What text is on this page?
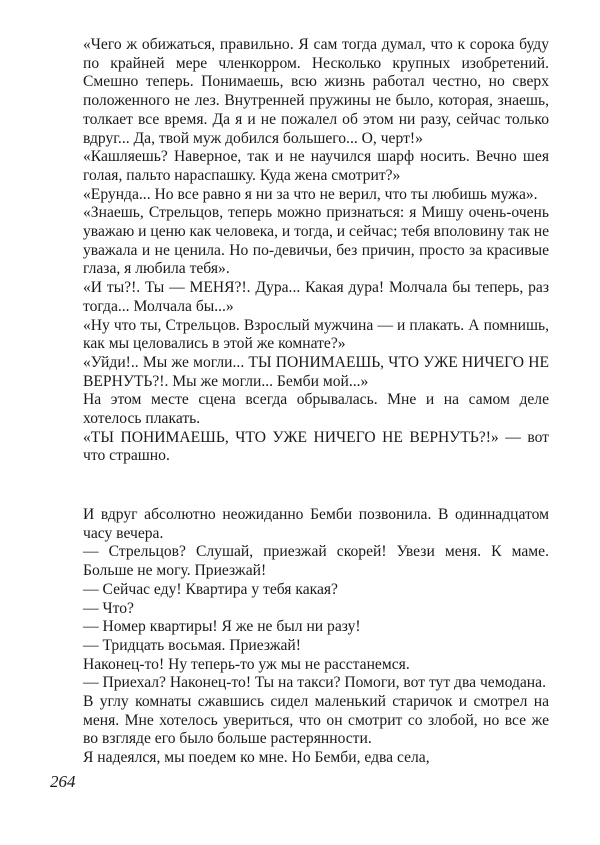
«Чего ж обижаться, правильно. Я сам тогда думал, что к сорока буду по крайней мере членкорром. Несколько крупных изобретений. Смешно теперь. Понимаешь, всю жизнь работал честно, но сверх положенного не лез. Внутренней пружины не было, которая, знаешь, толкает все время. Да я и не пожалел об этом ни разу, сейчас только вдруг... Да, твой муж добился большего... О, черт!»

«Кашляешь? Наверное, так и не научился шарф носить. Вечно шея голая, пальто нараспашку. Куда жена смотрит?»

«Ерунда... Но все равно я ни за что не верил, что ты любишь мужа».

«Знаешь, Стрельцов, теперь можно признаться: я Мишу очень-очень уважаю и ценю как человека, и тогда, и сейчас; тебя вполовину так не уважала и не ценила. Но по-девичьи, без причин, просто за красивые глаза, я любила тебя».

«И ты?!. Ты — МЕНЯ?!. Дура... Какая дура! Молчала бы теперь, раз тогда... Молчала бы...»

«Ну что ты, Стрельцов. Взрослый мужчина — и плакать. А помнишь, как мы целовались в этой же комнате?»

«Уйди!.. Мы же могли... ТЫ ПОНИМАЕШЬ, ЧТО УЖЕ НИЧЕГО НЕ ВЕРНУТЬ?!. Мы же могли... Бемби мой...»

На этом месте сцена всегда обрывалась. Мне и на самом деле хотелось плакать.

«ТЫ ПОНИМАЕШЬ, ЧТО УЖЕ НИЧЕГО НЕ ВЕРНУТЬ?!» — вот что страшно.

И вдруг абсолютно неожиданно Бемби позвонила. В одиннадцатом часу вечера.

— Стрельцов? Слушай, приезжай скорей! Увези меня. К маме. Больше не могу. Приезжай!

— Сейчас еду! Квартира у тебя какая?

— Что?

— Номер квартиры! Я же не был ни разу!

— Тридцать восьмая. Приезжай!

Наконец-то! Ну теперь-то уж мы не расстанемся.

— Приехал? Наконец-то! Ты на такси? Помоги, вот тут два чемодана.

В углу комнаты сжавшись сидел маленький старичок и смотрел на меня. Мне хотелось увериться, что он смотрит со злобой, но все же во взгляде его было больше растерянности.

Я надеялся, мы поедем ко мне. Но Бемби, едва села,

264
